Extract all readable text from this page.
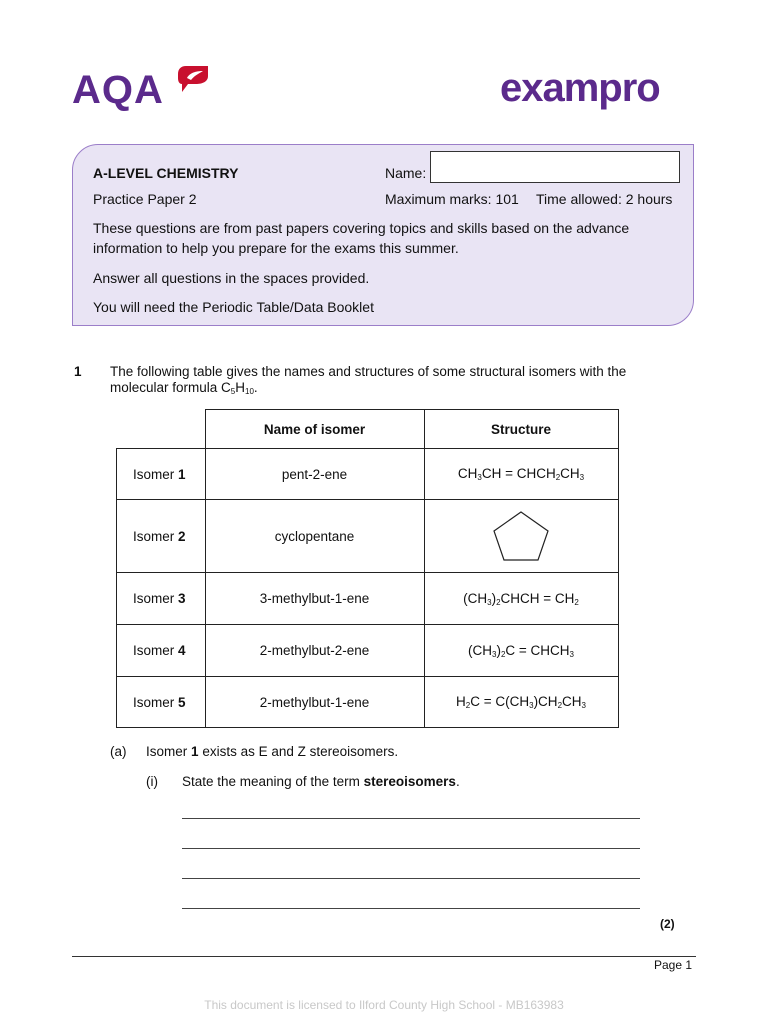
AQA	exampro
A-LEVEL CHEMISTRY	Name:
Practice Paper 2	Maximum marks: 101 Time allowed: 2 hours
These questions are from past papers covering topics and skills based on the advance
information to help you prepare for the exams this summer.
Answer all questions in the spaces provided.
You will need the Periodic Table/Data Booklet
1 The following table gives the names and structures of some structural isomers with the
molecular formula $C_5H_{10}$.
	Name of isomer	Structure
Isomer 1	pent-2-ene	$CH_3CH$ = $CHCH_2CH_3$
Isomer 2	cyclopentane	

Isomer 3	3-methylbut-1-ene	$(CH_3)_2CHCH = CH_2$
Isomer 4	2-methylbut-2-ene	$(CH_3)_2C$ = $CHCH_3$
Isomer 5	2-methylbut-1-ene	$H_2C = C(CH_3)CH_2CH_3$
(a) Isomer 1 exists as E and Z stereoisomers.
(i) State the meaning of the term stereoisomers.
(2)
Page 1
This document is licensed to Ilford County High School - MB163983
